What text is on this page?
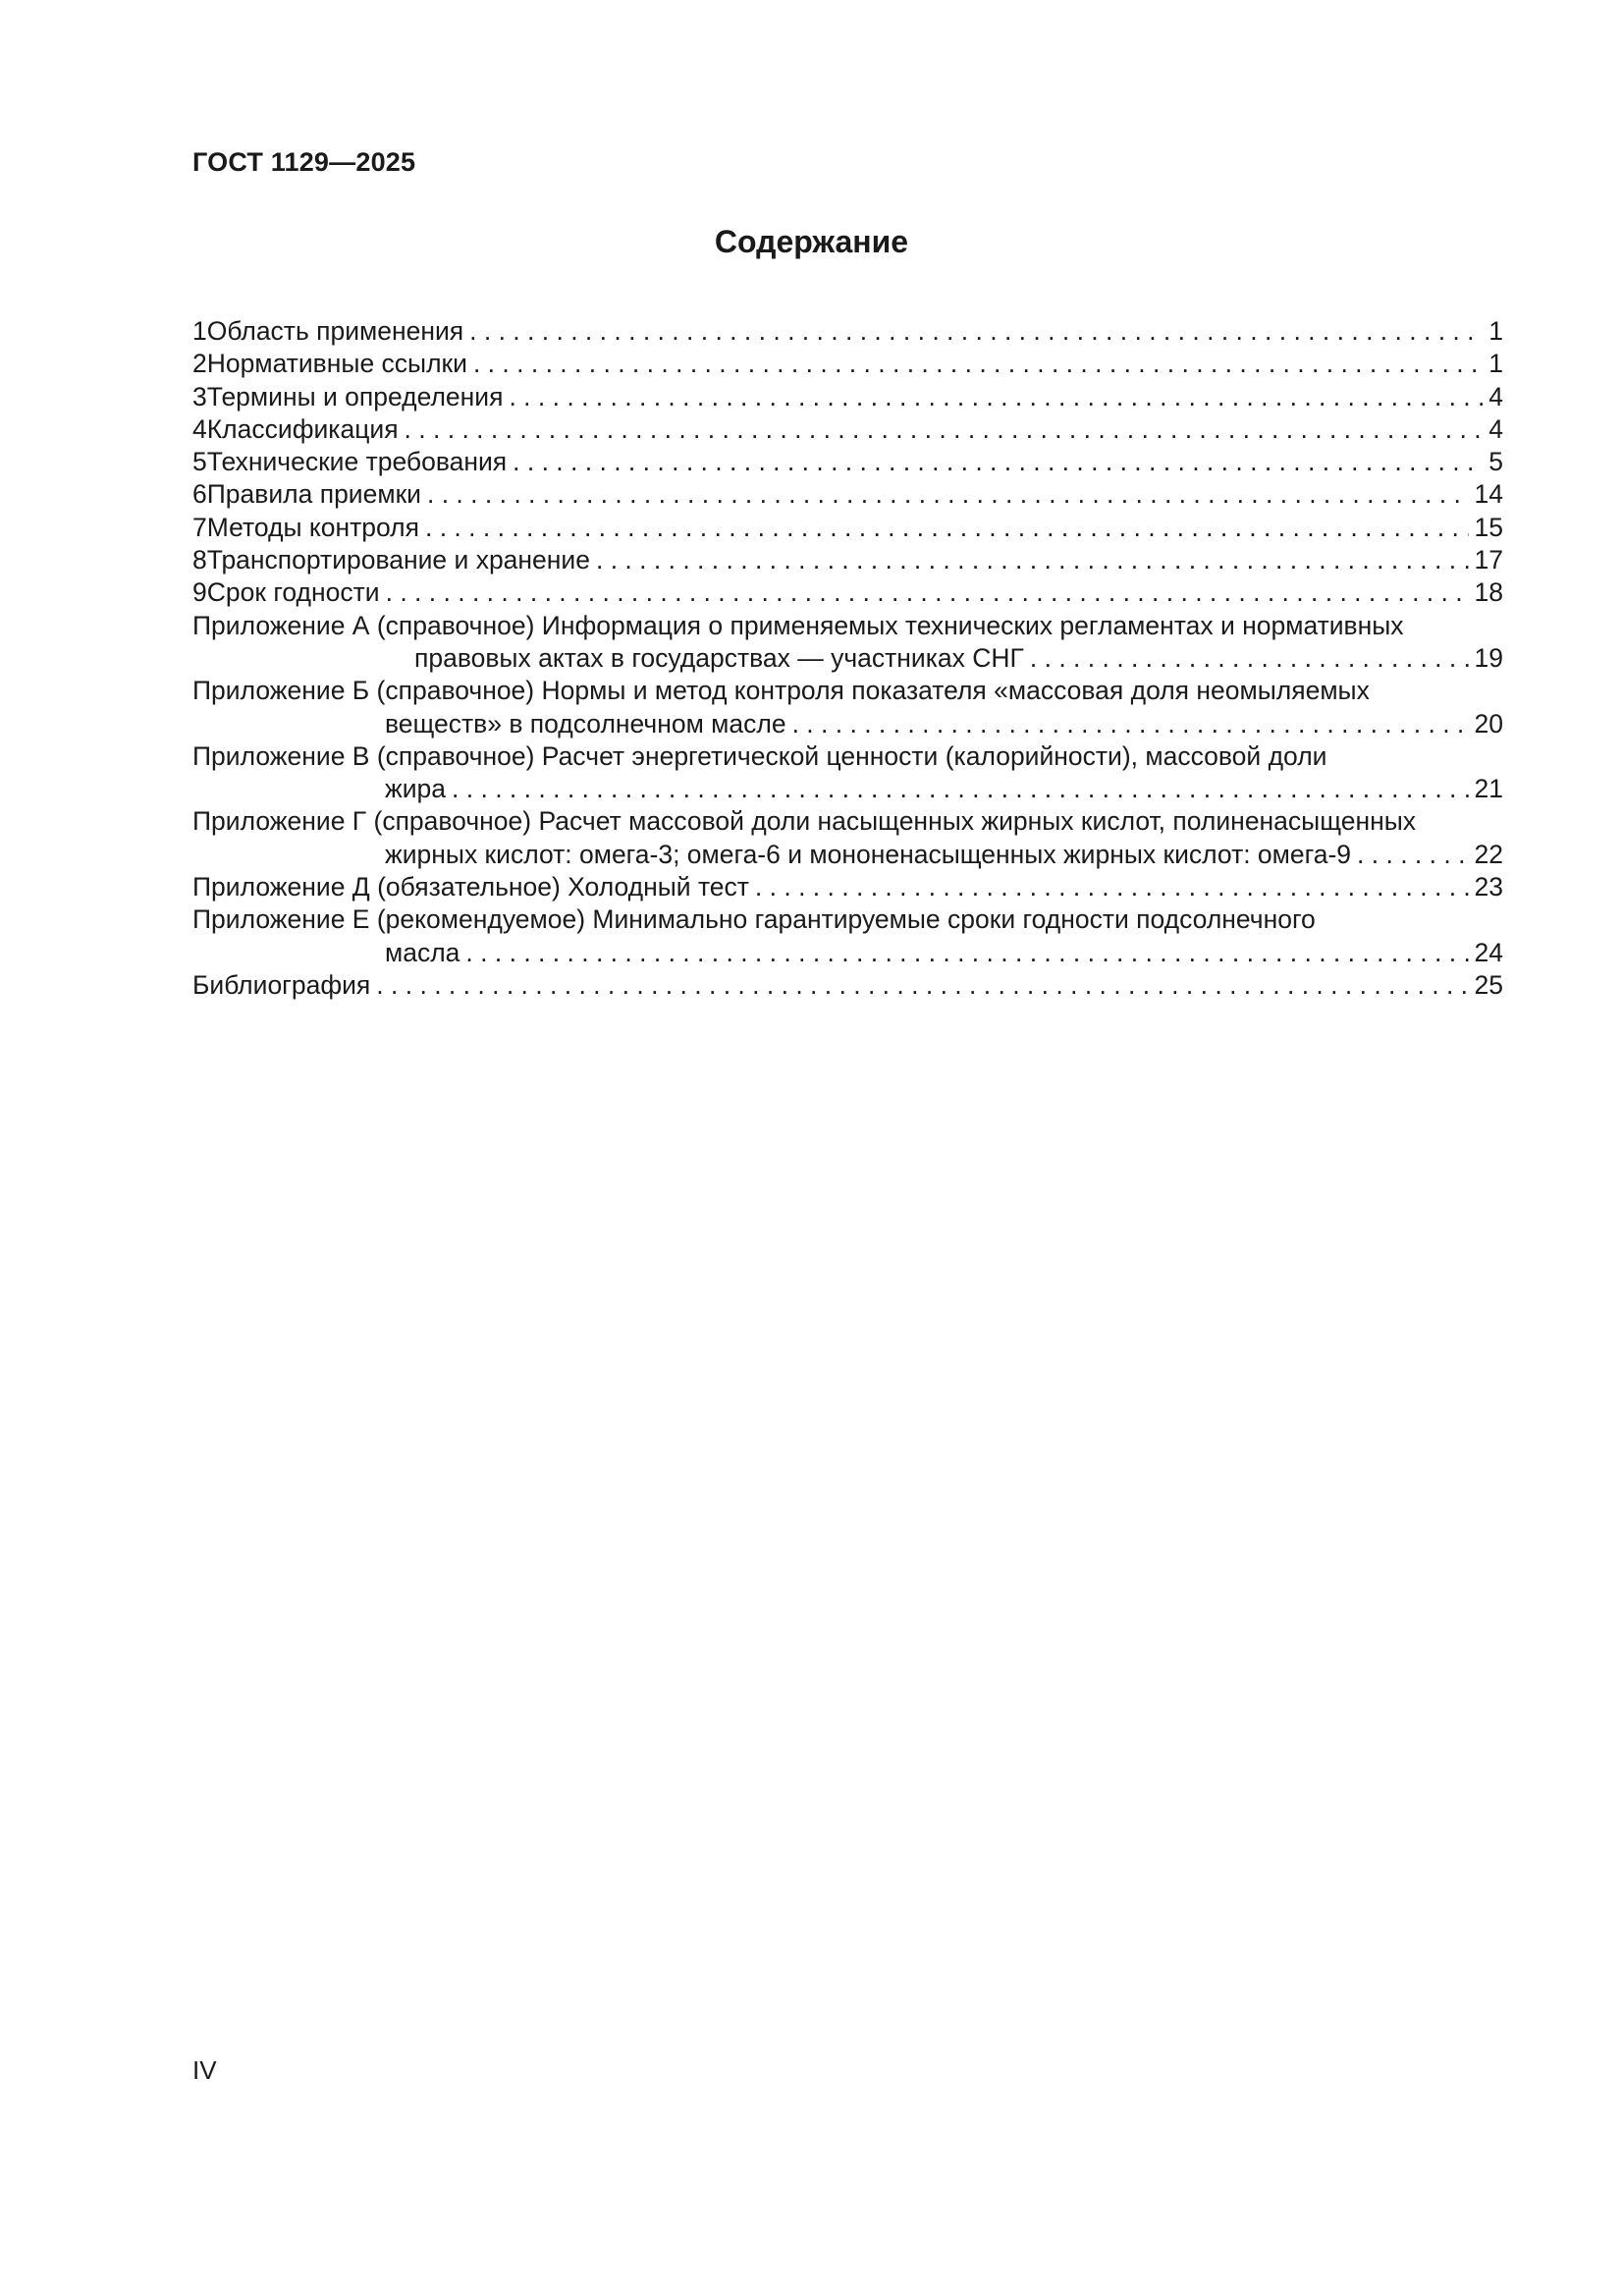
ГОСТ 1129—2025
Содержание
1 Область применения . . .	1
2 Нормативные ссылки . . .	1
3 Термины и определения . . .	4
4 Классификация . . .	4
5 Технические требования . . .	5
6 Правила приемки . . .	14
7 Методы контроля . . .	15
8 Транспортирование и хранение . . .	17
9 Срок годности . . .	18
Приложение А (справочное) Информация о применяемых технических регламентах и нормативных
правовых актах в государствах — участниках СНГ . . .	19
Приложение Б (справочное) Нормы и метод контроля показателя «массовая доля неомыляемых
веществ» в подсолнечном масле . . .	20
Приложение В (справочное) Расчет энергетической ценности (калорийности), массовой доли
жира . . .	21
Приложение Г (справочное) Расчет массовой доли насыщенных жирных кислот, полиненасыщенных
жирных кислот: омега-3; омега-6 и мононенасыщенных жирных кислот: омега-9 . . .	22
Приложение Д (обязательное) Холодный тест . . .	23
Приложение Е (рекомендуемое) Минимально гарантируемые сроки годности подсолнечного
масла . . .	24
Библиография . . .	25
IV
